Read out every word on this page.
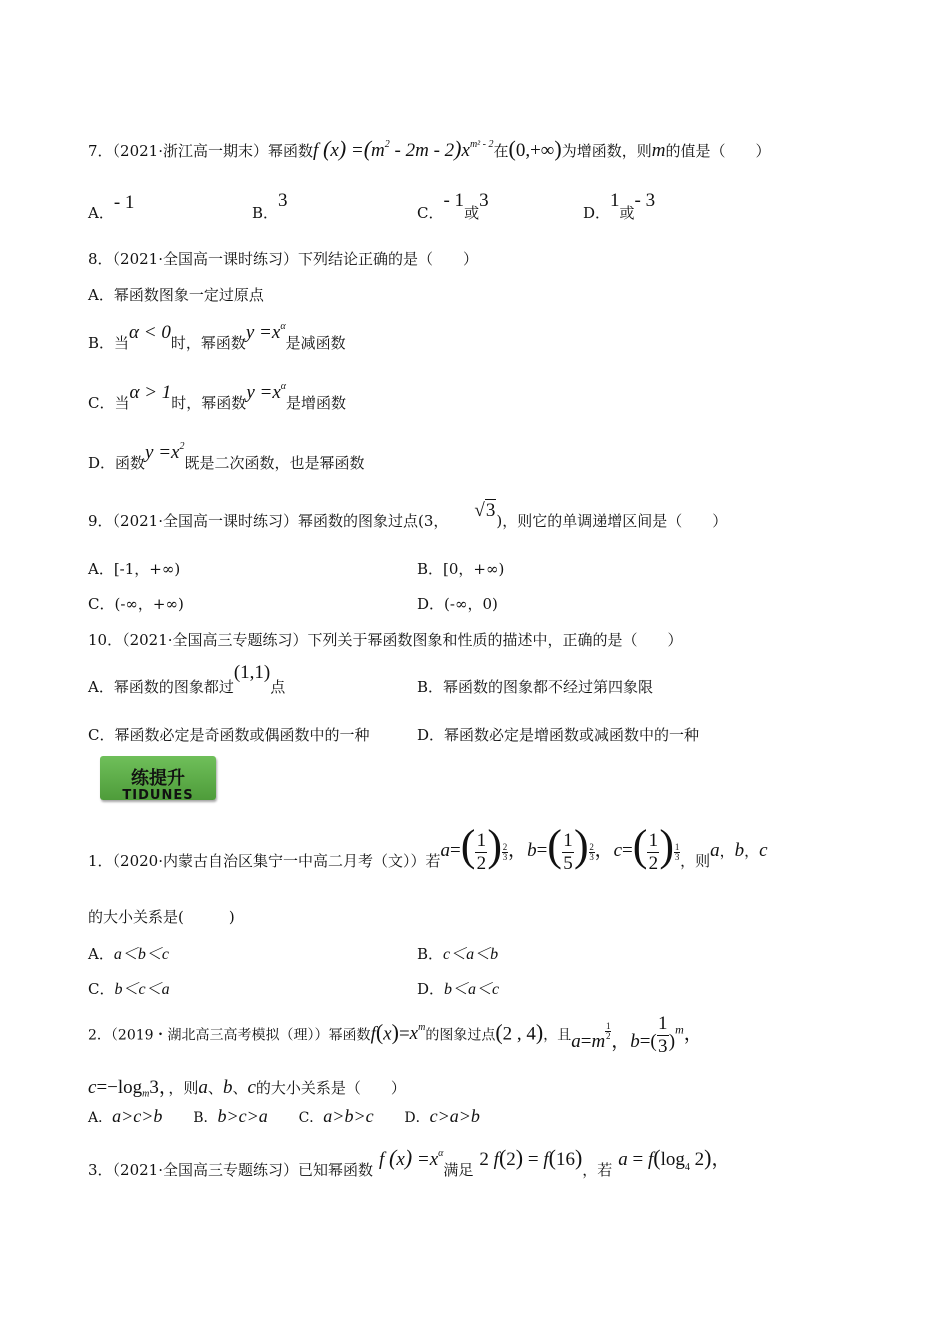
7．（2021·浙江高一期末）幂函数f $(x) =(m^2 - 2m - 2)x^{m^2 - 2}$在(0,+∞)为增函数，则m的值是（　　）
A．- 1	B．3
C．- 1或3
D．1或- 3
8．（2021·全国高一课时练习）下列结论正确的是（　　）
A．幂函数图象一定过原点
B．当α < 0时，幂函数$y =x^\alpha$是减函数
C．当α > 1时，幂函数$y =x^\alpha$是增函数
D．函数$y =x^2$既是二次函数，也是幂函数
9．（2021·全国高一课时练习）幂函数的图象过点(3， √3)，则它的单调递增区间是（　　）
A．[-1，+∞)	B．[0，+∞)
C．(-∞，+∞)	D．(-∞，0)
10．（2021·全国高三专题练习）下列关于幂函数图象和性质的描述中，正确的是（　　）
A．幂函数的图象都过(1,1)点	B．幂函数的图象都不经过第四象限
C．幂函数必定是奇函数或偶函数中的一种	D．幂函数必定是增函数或减函数中的一种
练提升
TIDUNES
1．（2020·内蒙古自治区集宁一中高二月考（文））若$a=( \frac{1}{2}$ ) $\frac{2}{3}$ ，$b=( \frac{1}{5}$ ) $\frac{2}{3}$ ，$c=( \frac{1}{2}$ ) $\frac{1}{3}$ ，则a，b，c
的大小关系是(　　　)
A．a＜b＜c	B．c＜a＜b
C．b＜c＜a	D．b＜a＜c
2．（2019・湖北高三高考模拟（理））幂函数$f(x)=x^m$的图象过点(2 , 4)，且$a=m \frac{1}{2}$ ，$b=( \frac{1}{3} )^m$，
$c=-\log_m3$，，则a、b、c的大小关系是（　　）
A．a>c>b B．b>c>a C．a>b>c D．c>a>b
3．（2021·全国高三专题练习）已知幂函数 f $(x) =x^\alpha$满足 2 f(2) = f(16)，若 $a = f(\log_4$ 2)，
